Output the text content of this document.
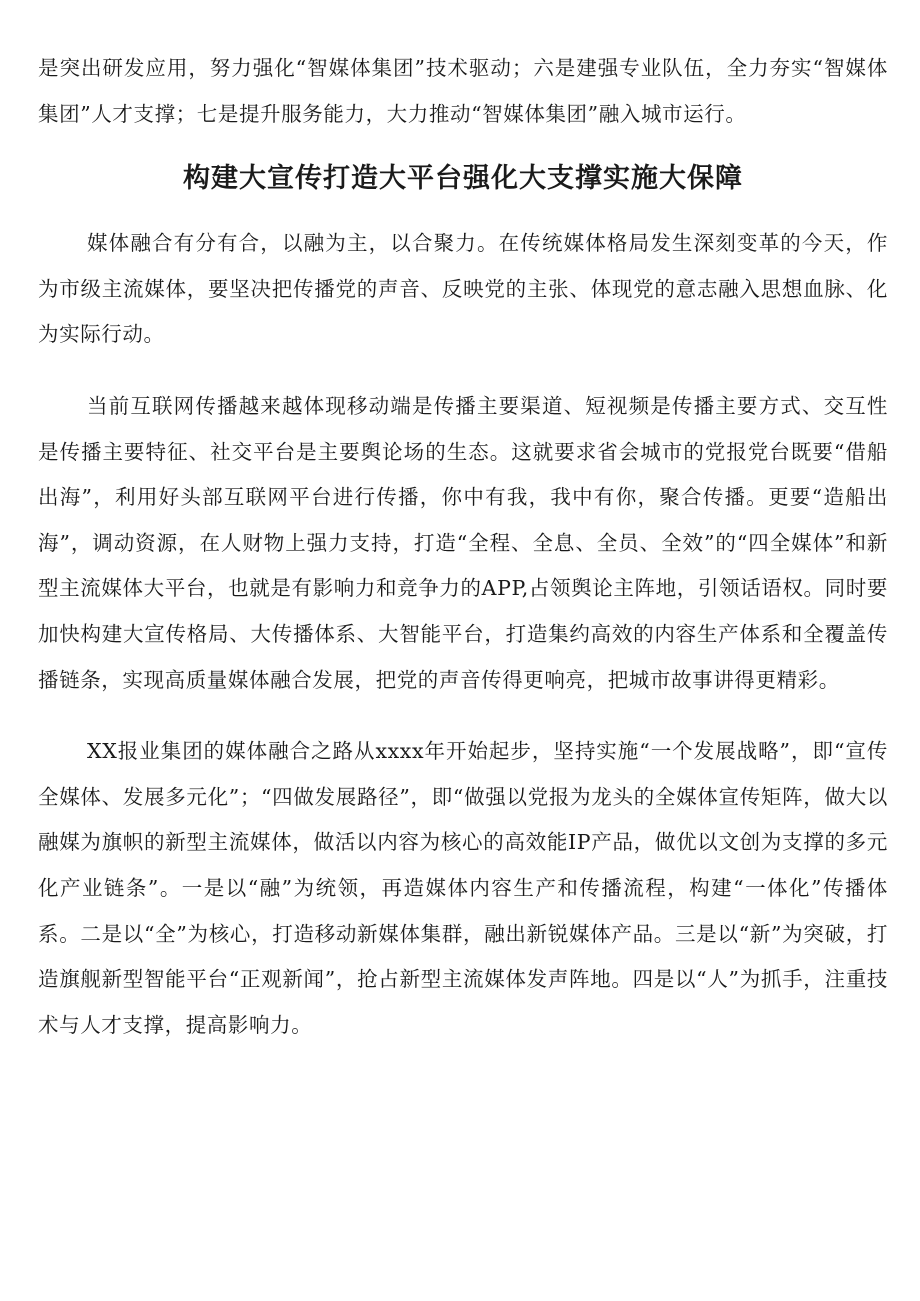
是突出研发应用，努力强化“智媒体集团”技术驱动；六是建强专业队伍，全力夯实“智媒体集团”人才支撑；七是提升服务能力，大力推动“智媒体集团”融入城市运行。

构建大宣传打造大平台强化大支撑实施大保障

媒体融合有分有合，以融为主，以合聚力。在传统媒体格局发生深刻变革的今天，作为市级主流媒体，要坚决把传播党的声音、反映党的主张、体现党的意志融入思想血脉、化为实际行动。

当前互联网传播越来越体现移动端是传播主要渠道、短视频是传播主要方式、交互性是传播主要特征、社交平台是主要舆论场的生态。这就要求省会城市的党报党台既要“借船出海”，利用好头部互联网平台进行传播，你中有我，我中有你，聚合传播。更要“造船出海”，调动资源，在人财物上强力支持，打造“全程、全息、全员、全效”的“四全媒体”和新型主流媒体大平台，也就是有影响力和竞争力的APP,占领舆论主阵地，引领话语权。同时要加快构建大宣传格局、大传播体系、大智能平台，打造集约高效的内容生产体系和全覆盖传播链条，实现高质量媒体融合发展，把党的声音传得更响亮，把城市故事讲得更精彩。

XX报业集团的媒体融合之路从xxxx年开始起步，坚持实施“一个发展战略”，即“宣传全媒体、发展多元化”；“四做发展路径”，即“做强以党报为龙头的全媒体宣传矩阵，做大以融媒为旗帜的新型主流媒体，做活以内容为核心的高效能IP产品，做优以文创为支撑的多元化产业链条”。一是以“融”为统领，再造媒体内容生产和传播流程，构建“一体化”传播体系。二是以“全”为核心，打造移动新媒体集群，融出新锐媒体产品。三是以“新”为突破，打造旗舰新型智能平台“正观新闻”，抢占新型主流媒体发声阵地。四是以“人”为抓手，注重技术与人才支撑，提高影响力。
